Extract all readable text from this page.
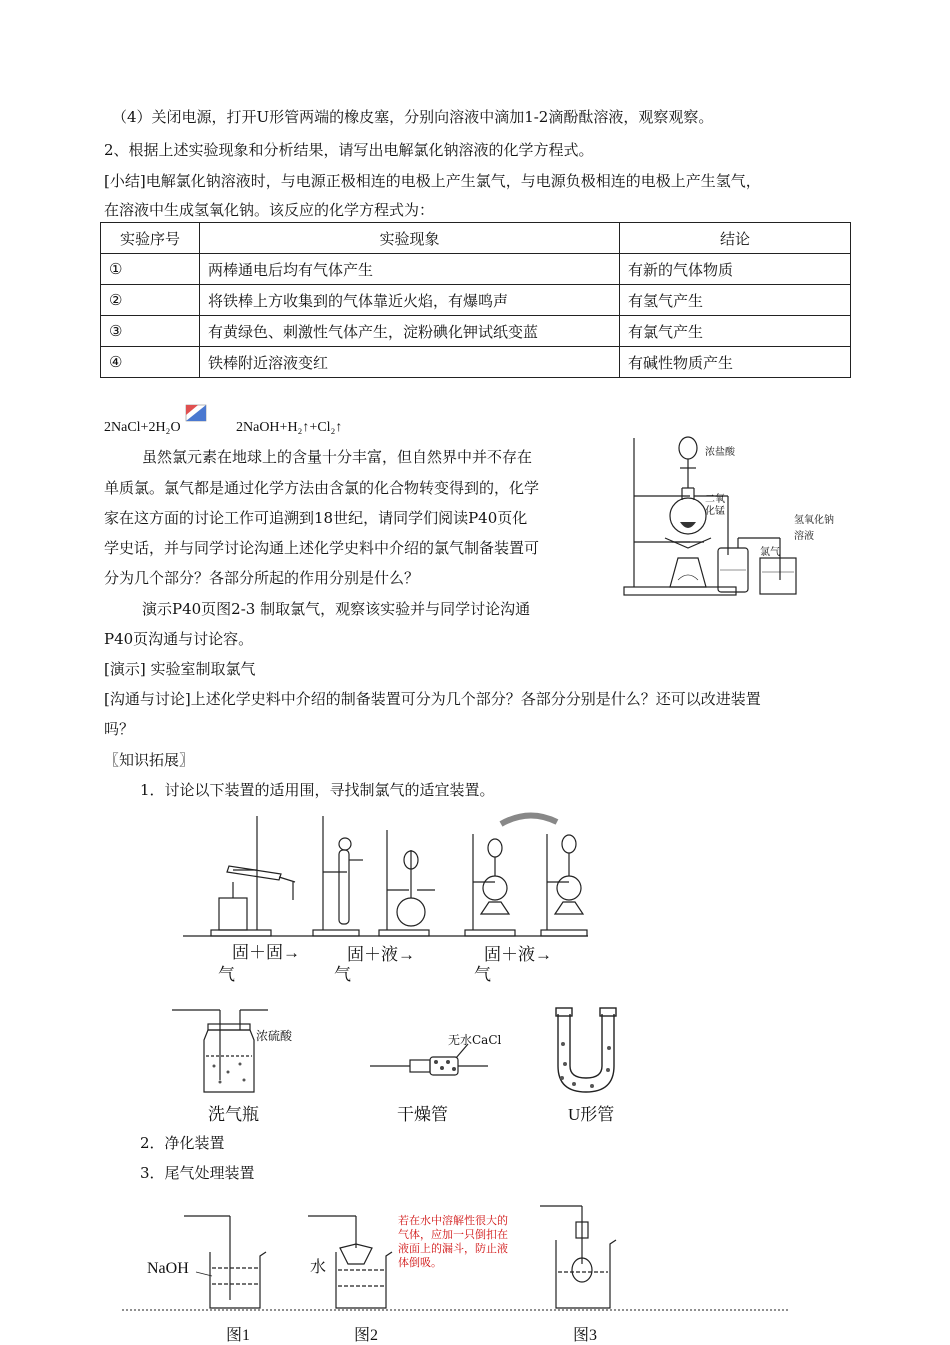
（4）关闭电源，打开U形管两端的橡皮塞，分别向溶液中滴加1-2滴酚酞溶液，观察观察。
2、根据上述实验现象和分析结果，请写出电解氯化钠溶液的化学方程式。
[小结]电解氯化钠溶液时，与电源正极相连的电极上产生氯气，与电源负极相连的电极上产生氢气，
在溶液中生成氢氧化钠。该反应的化学方程式为：
实验序号	实验现象	结论
①	两棒通电后均有气体产生	有新的气体物质
②	将铁棒上方收集到的气体靠近火焰，有爆鸣声	有氢气产生
③	有黄绿色、刺激性气体产生，淀粉碘化钾试纸变蓝	有氯气产生
④	铁棒附近溶液变红	有碱性物质产生
2NaCl+2H₂O	2NaOH+H₂↑+Cl₂↑
虽然氯元素在地球上的含量十分丰富，但自然界中并不存在
单质氯。氯气都是通过化学方法由含氯的化合物转变得到的，化学
家在这方面的讨论工作可追溯到18世纪，请同学们阅读P40页化
学史话，并与同学讨论沟通上述化学史料中介绍的氯气制备装置可
分为几个部分？各部分所起的作用分别是什么？
演示P40页图2-3 制取氯气，观察该实验并与同学讨论沟通
P40页沟通与讨论容。
[演示] 实验室制取氯气
[沟通与讨论]上述化学史料中介绍的制备装置可分为几个部分？各部分分别是什么？还可以改进装置
吗？
〖知识拓展〗
1．讨论以下装置的适用围，寻找制氯气的适宜装置。
浓盐酸
二氧化锰
氢氧化钠溶液
氯气
固＋固→
气
固＋液→
气
固＋液→
气
浓硫酸	无水CaCl
洗气瓶	干燥管	U形管
2．净化装置
3．尾气处理装置
NaOH	水
若在水中溶解性很大的气体，应加一只倒扣在液面上的漏斗，防止液体倒吸。
图1	图2	图3
